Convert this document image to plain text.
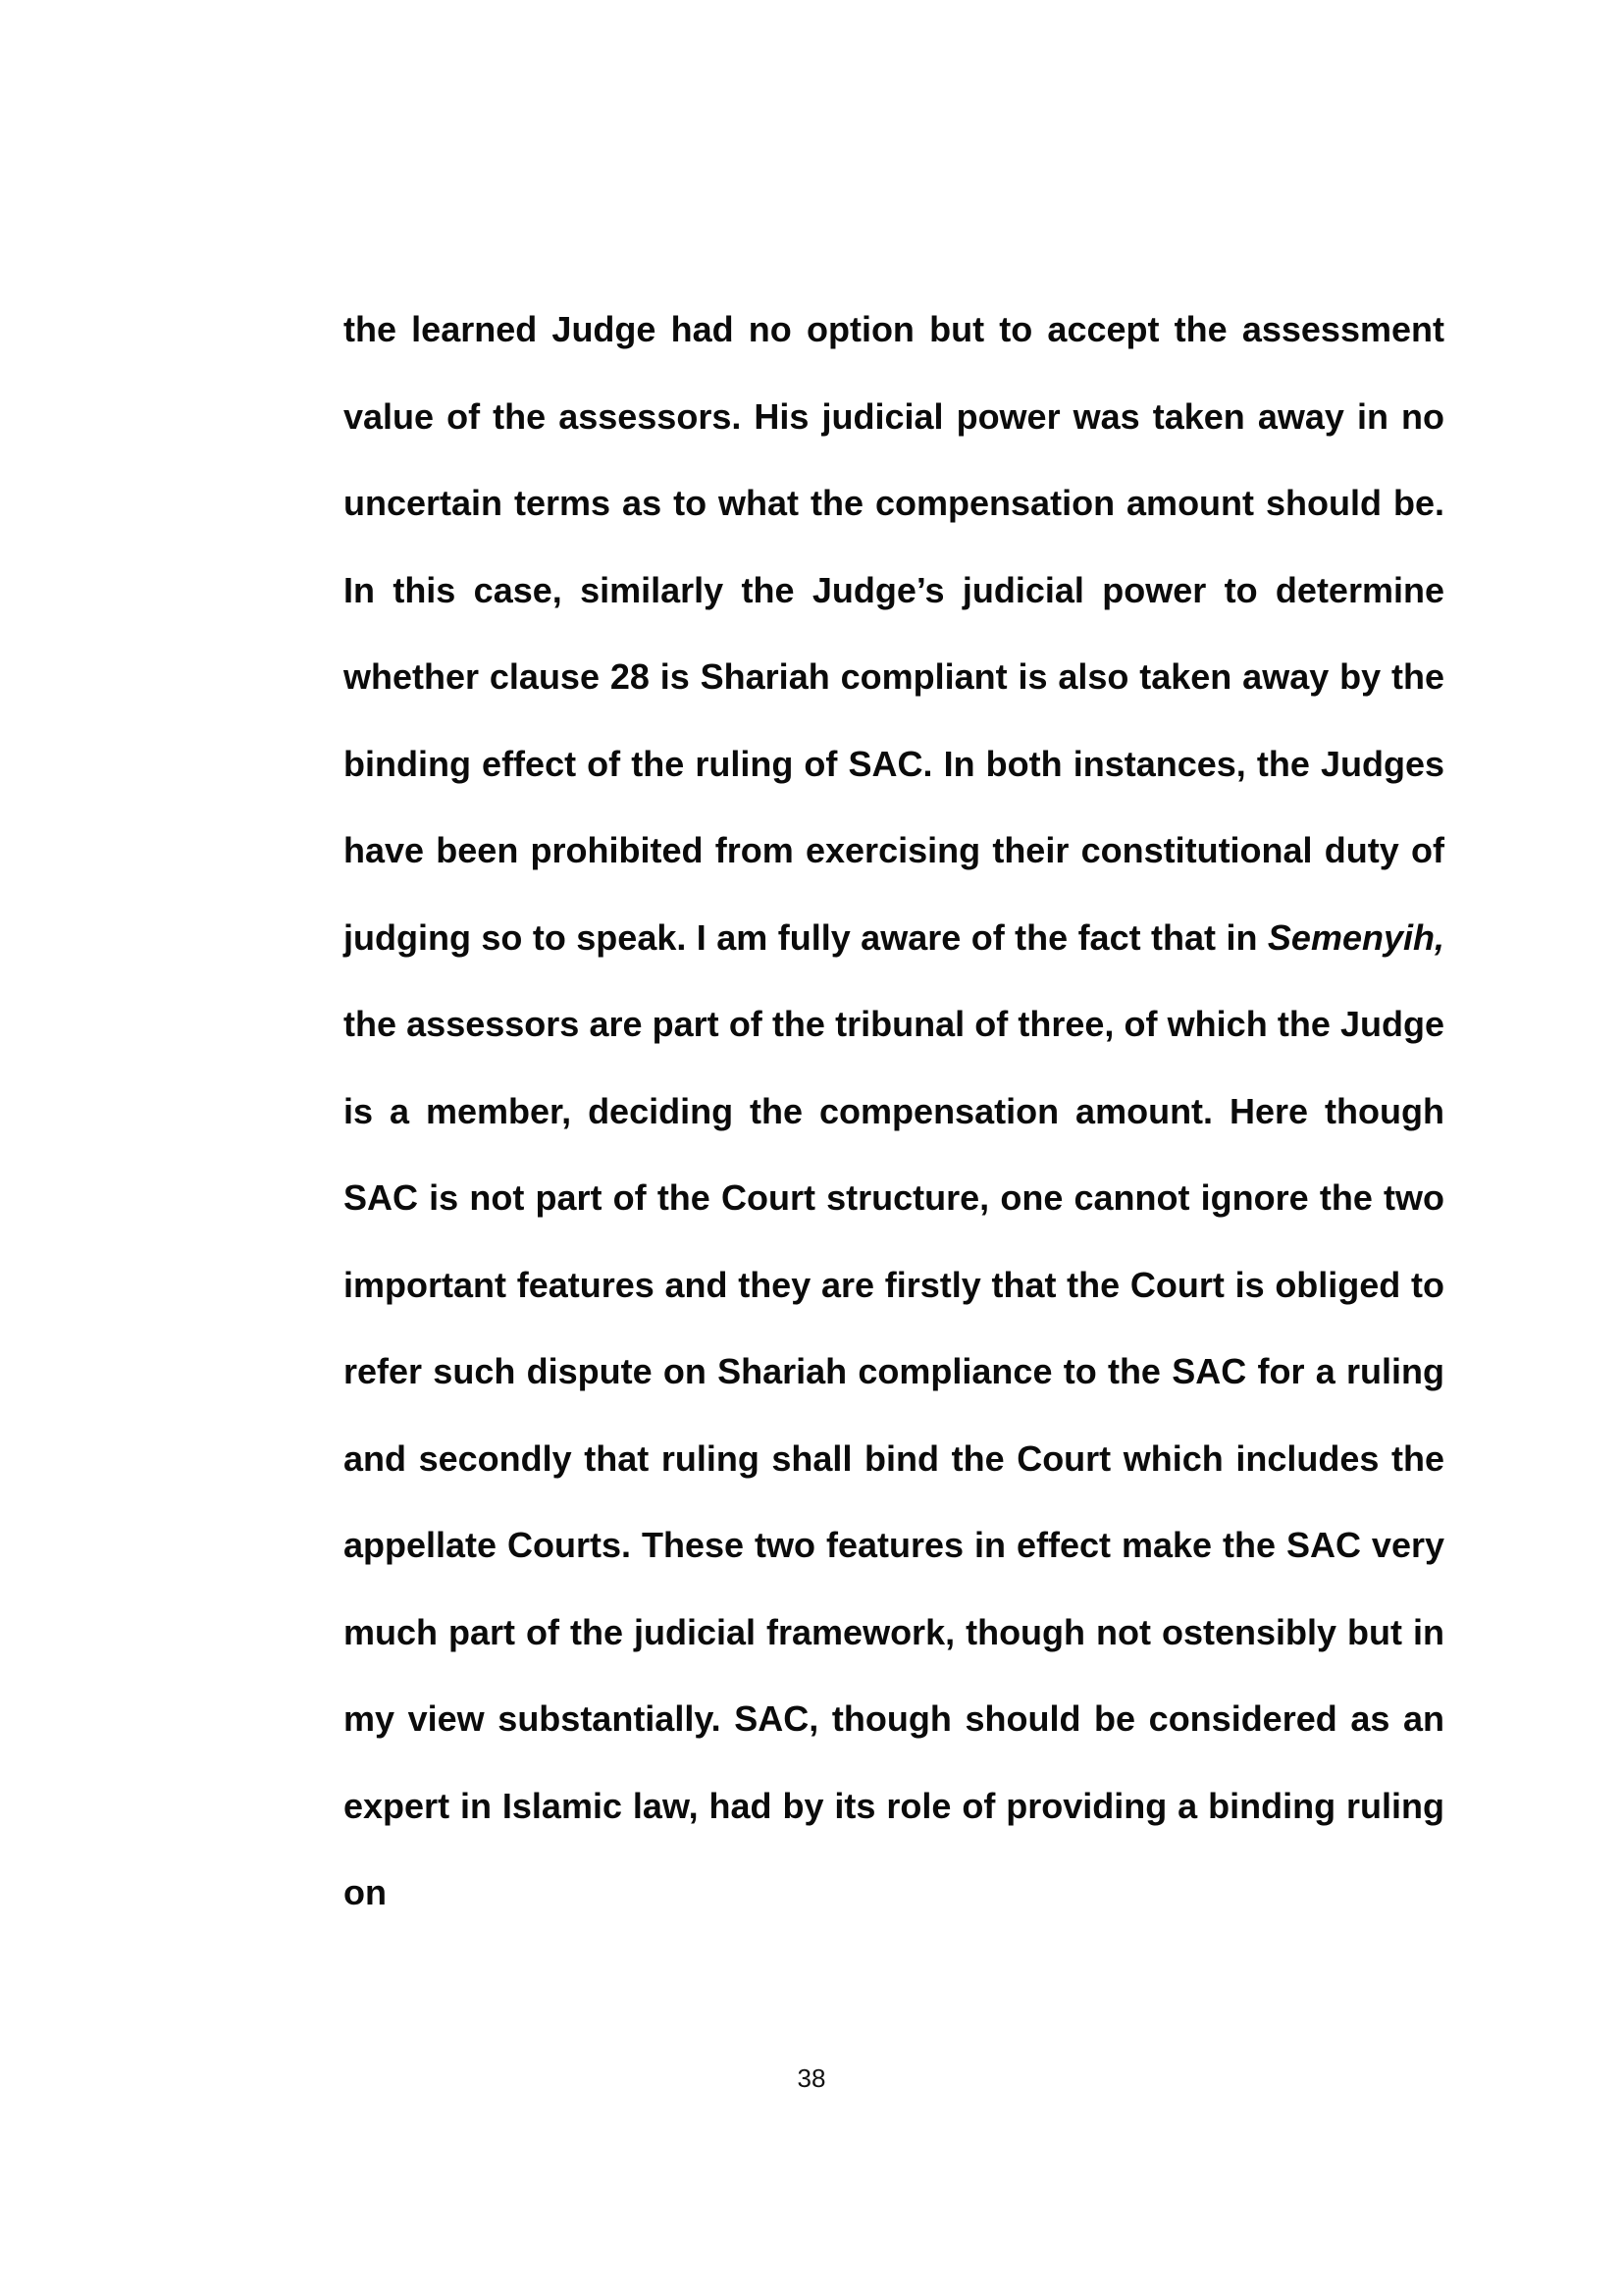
the learned Judge had no option but to accept the assessment value of the assessors. His judicial power was taken away in no uncertain terms as to what the compensation amount should be. In this case, similarly the Judge’s judicial power to determine whether clause 28 is Shariah compliant is also taken away by the binding effect of the ruling of SAC. In both instances, the Judges have been prohibited from exercising their constitutional duty of judging so to speak. I am fully aware of the fact that in Semenyih, the assessors are part of the tribunal of three, of which the Judge is a member, deciding the compensation amount. Here though SAC is not part of the Court structure, one cannot ignore the two important features and they are firstly that the Court is obliged to refer such dispute on Shariah compliance to the SAC for a ruling and secondly that ruling shall bind the Court which includes the appellate Courts. These two features in effect make the SAC very much part of the judicial framework, though not ostensibly but in my view substantially. SAC, though should be considered as an expert in Islamic law, had by its role of providing a binding ruling on

38
